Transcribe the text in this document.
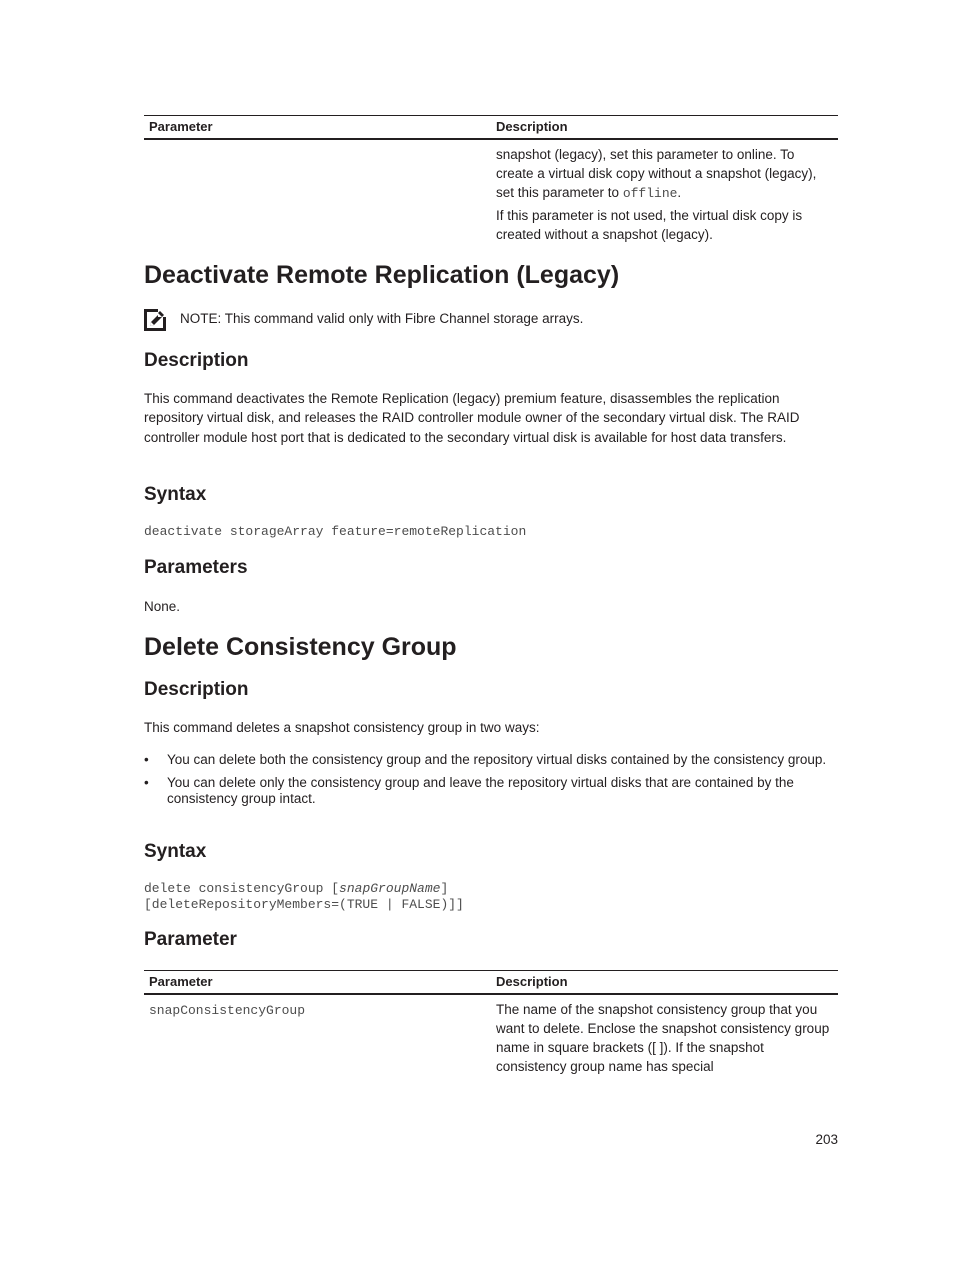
Parameter	Description

	snapshot (legacy), set this parameter to online. To create a virtual disk copy without a snapshot (legacy), set this parameter to offline.

If this parameter is not used, the virtual disk copy is created without a snapshot (legacy).

Deactivate Remote Replication (Legacy)
NOTE: This command valid only with Fibre Channel storage arrays.
Description

This command deactivates the Remote Replication (legacy) premium feature, disassembles the replication repository virtual disk, and releases the RAID controller module owner of the secondary virtual disk. The RAID controller module host port that is dedicated to the secondary virtual disk is available for host data transfers.

Syntax
deactivate storageArray feature=remoteReplication
Parameters

None.

Delete Consistency Group
Description

This command deletes a snapshot consistency group in two ways:

• You can delete both the consistency group and the repository virtual disks contained by the consistency group.
• You can delete only the consistency group and leave the repository virtual disks that are contained by the consistency group intact.
Syntax
delete consistencyGroup [snapGroupName]
[deleteRepositoryMembers=(TRUE | FALSE)]]
Parameter
Parameter	Description
snapConsistencyGroup	The name of the snapshot consistency group that you want to delete. Enclose the snapshot consistency group name in square brackets ([ ]). If the snapshot consistency group name has special
203
